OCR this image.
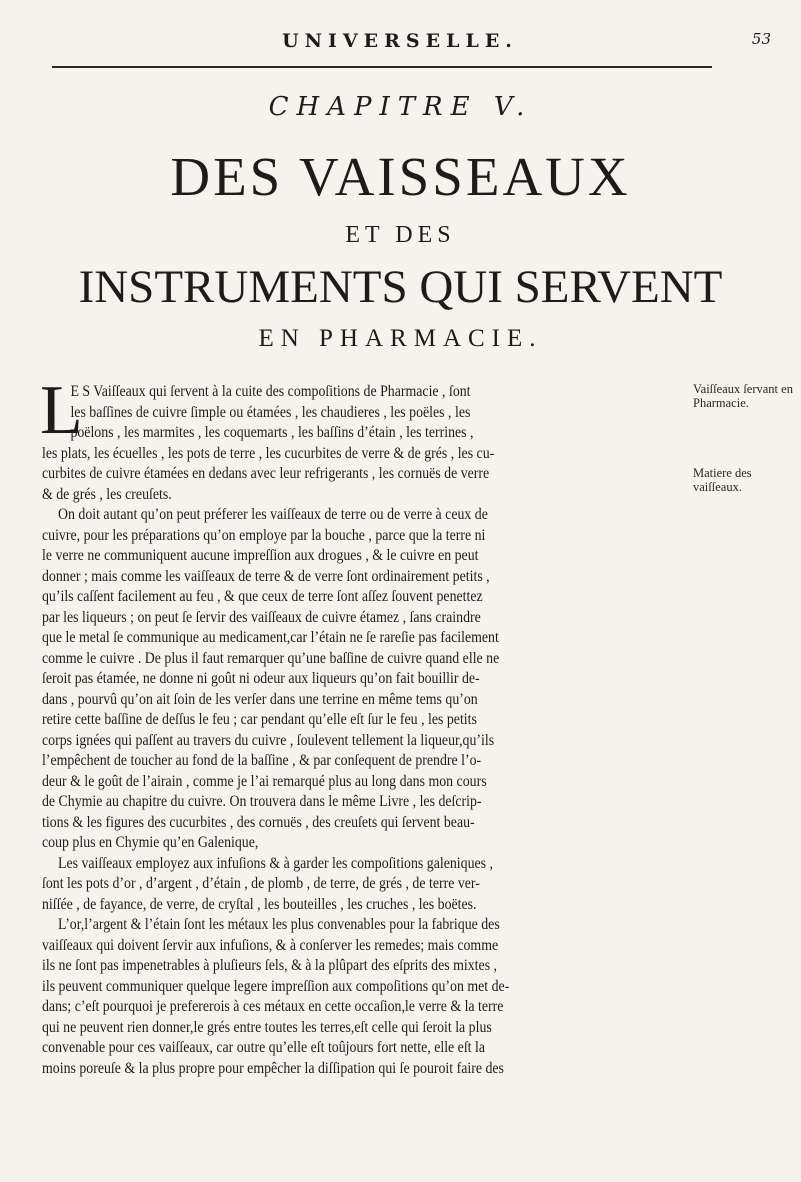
UNIVERSELLE.	53
CHAPITRE V.
DES VAISSEAUX
ET DES
INSTRUMENTS QUI SERVENT
EN PHARMACIE.
Vaiſſeaux ſervant en Pharmacie.
Matiere des vaiſſeaux.
L
E S Vaiſſeaux qui ſervent à la cuite des compoſitions de Pharmacie , ſont
les baſſines de cuivre ſimple ou étamées , les chaudieres , les poëles , les
poëlons , les marmites , les coquemarts , les baſſins d’étain , les terrines ,
les plats, les écuelles , les pots de terre , les cucurbites de verre & de grés , les cu-
curbites de cuivre étamées en dedans avec leur refrigerants , les cornuës de verre
& de grés , les creuſets.
On doit autant qu’on peut préferer les vaiſſeaux de terre ou de verre à ceux de
cuivre, pour les préparations qu’on employe par la bouche , parce que la terre ni
le verre ne communiquent aucune impreſſion aux drogues , & le cuivre en peut
donner ; mais comme les vaiſſeaux de terre & de verre ſont ordinairement petits ,
qu’ils caſſent facilement au feu , & que ceux de terre ſont aſſez ſouvent penettez
par les liqueurs ; on peut ſe ſervir des vaiſſeaux de cuivre étamez , ſans craindre
que le metal ſe communique au medicament,car l’étain ne ſe rareſie pas facilement
comme le cuivre . De plus il faut remarquer qu’une baſſine de cuivre quand elle ne
ſeroit pas étamée, ne donne ni goût ni odeur aux liqueurs qu’on fait bouillir de-
dans , pourvû qu’on ait ſoin de les verſer dans une terrine en même tems qu’on
retire cette baſſine de deſſus le feu ; car pendant qu’elle eſt ſur le feu , les petits
corps ignées qui paſſent au travers du cuivre , ſoulevent tellement la liqueur,qu’ils
l’empêchent de toucher au fond de la baſſine , & par conſequent de prendre l’o-
deur & le goût de l’airain , comme je l’ai remarqué plus au long dans mon cours
de Chymie au chapitre du cuivre. On trouvera dans le même Livre , les deſcrip-
tions & les figures des cucurbites , des cornuës , des creuſets qui ſervent beau-
coup plus en Chymie qu’en Galenique,
Les vaiſſeaux employez aux infuſions & à garder les compoſitions galeniques ,
ſont les pots d’or , d’argent , d’étain , de plomb , de terre, de grés , de terre ver-
niſſée , de fayance, de verre, de cryſtal , les bouteilles , les cruches , les boëtes.
L’or,l’argent & l’étain ſont les métaux les plus convenables pour la fabrique des
vaiſſeaux qui doivent ſervir aux infuſions, & à conſerver les remedes; mais comme
ils ne ſont pas impenetrables à pluſieurs ſels, & à la plûpart des eſprits des mixtes ,
ils peuvent communiquer quelque legere impreſſion aux compoſitions qu’on met de-
dans; c’eſt pourquoi je prefererois à ces métaux en cette occaſion,le verre & la terre
qui ne peuvent rien donner,le grés entre toutes les terres,eſt celle qui ſeroit la plus
convenable pour ces vaiſſeaux, car outre qu’elle eſt toûjours fort nette, elle eſt la
moins poreuſe & la plus propre pour empêcher la diſſipation qui ſe pouroit faire des
